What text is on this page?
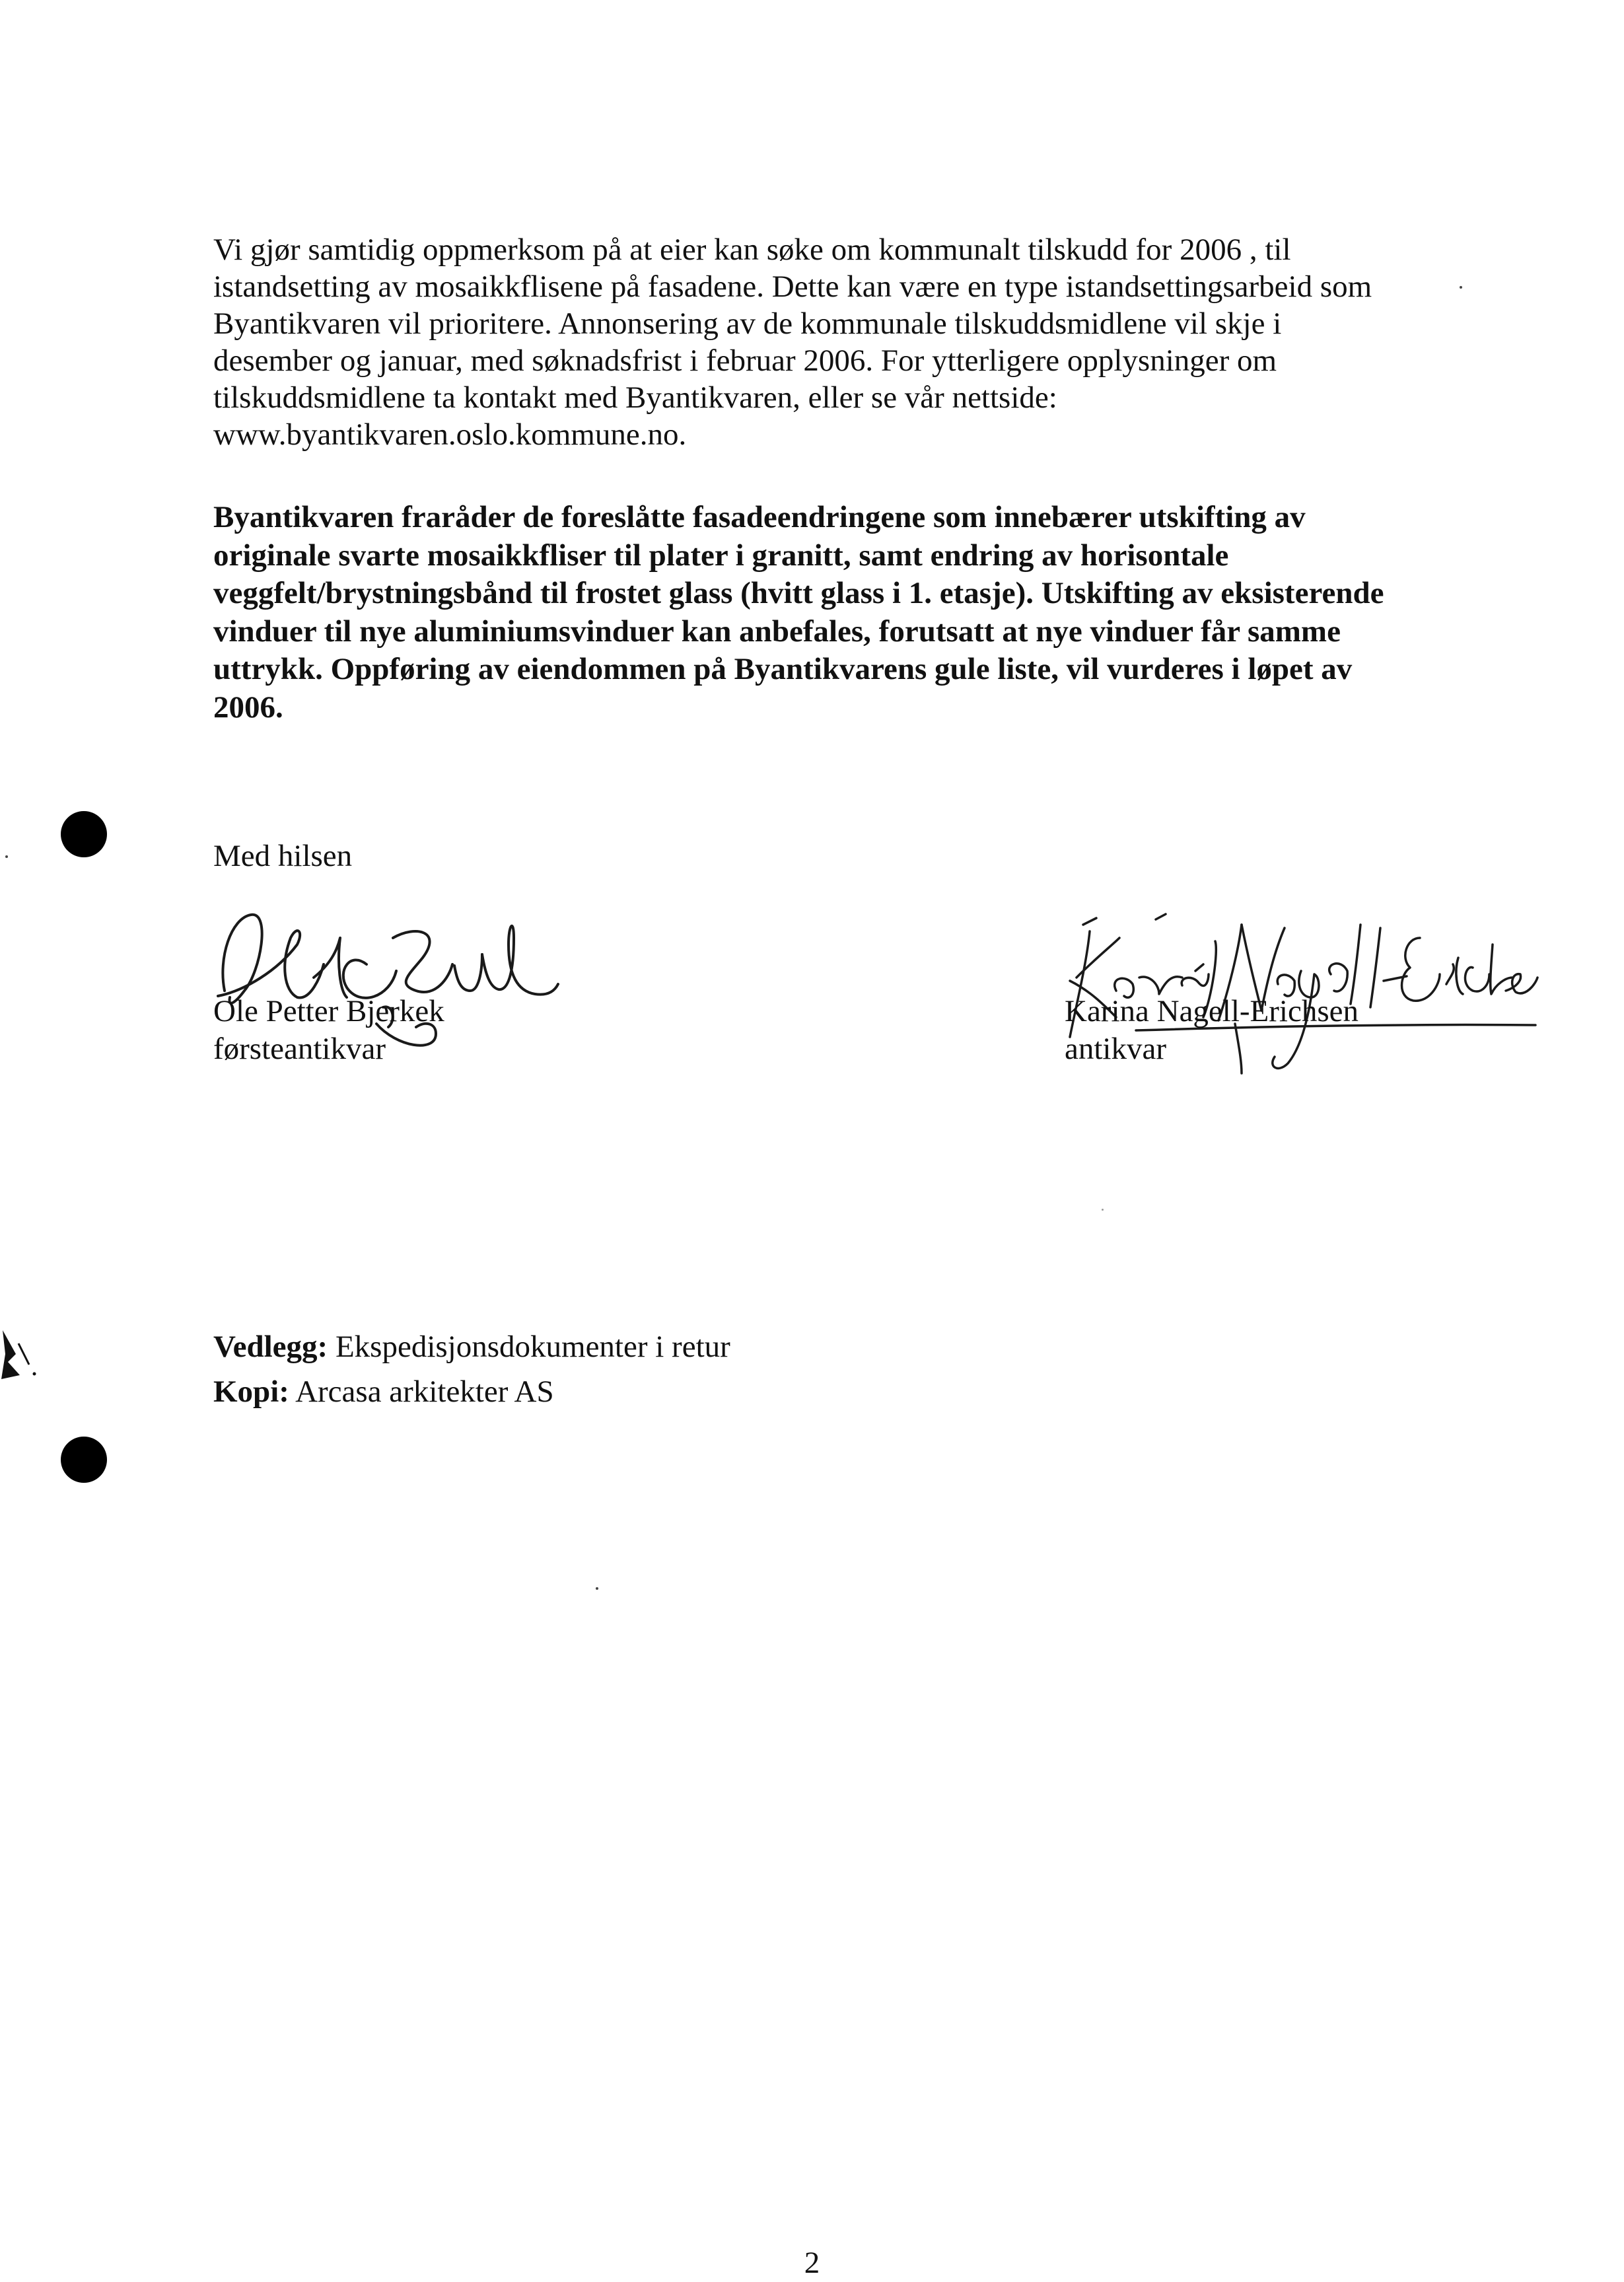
Vi gjør samtidig oppmerksom på at eier kan søke om kommunalt tilskudd for 2006 , til
istandsetting av mosaikkflisene på fasadene. Dette kan være en type istandsettingsarbeid som
Byantikvaren vil prioritere. Annonsering av de kommunale tilskuddsmidlene vil skje i
desember og januar, med søknadsfrist i februar 2006. For ytterligere opplysninger om
tilskuddsmidlene ta kontakt med Byantikvaren, eller se vår nettside:
www.byantikvaren.oslo.kommune.no.
Byantikvaren fraråder de foreslåtte fasadeendringene som innebærer utskifting av
originale svarte mosaikkfliser til plater i granitt, samt endring av horisontale
veggfelt/brystningsbånd til frostet glass (hvitt glass i 1. etasje). Utskifting av eksisterende
vinduer til nye aluminiumsvinduer kan anbefales, forutsatt at nye vinduer får samme
uttrykk. Oppføring av eiendommen på Byantikvarens gule liste, vil vurderes i løpet av
2006.
Med hilsen
Ole Petter Bjerkek
førsteantikvar
Karina Nagell-Erichsen
antikvar
Vedlegg: Ekspedisjonsdokumenter i retur
Kopi: Arcasa arkitekter AS
2
